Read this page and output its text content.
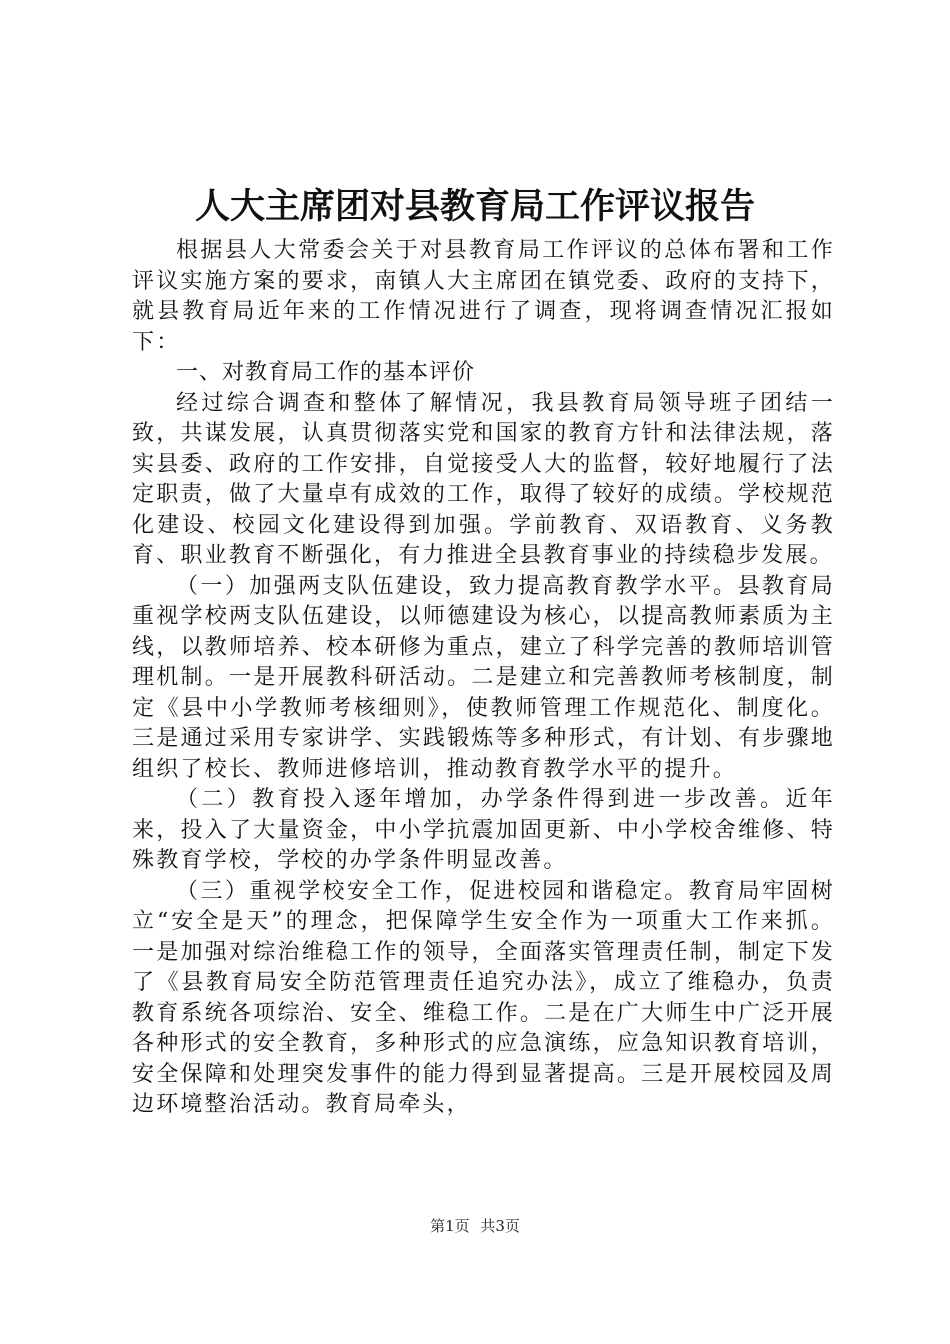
人大主席团对县教育局工作评议报告

根据县人大常委会关于对县教育局工作评议的总体布署和工作评议实施方案的要求，南镇人大主席团在镇党委、政府的支持下，就县教育局近年来的工作情况进行了调查，现将调查情况汇报如下：

一、对教育局工作的基本评价

经过综合调查和整体了解情况，我县教育局领导班子团结一致，共谋发展，认真贯彻落实党和国家的教育方针和法律法规，落实县委、政府的工作安排，自觉接受人大的监督，较好地履行了法定职责，做了大量卓有成效的工作，取得了较好的成绩。学校规范化建设、校园文化建设得到加强。学前教育、双语教育、义务教育、职业教育不断强化，有力推进全县教育事业的持续稳步发展。

（一）加强两支队伍建设，致力提高教育教学水平。县教育局重视学校两支队伍建设，以师德建设为核心，以提高教师素质为主线，以教师培养、校本研修为重点，建立了科学完善的教师培训管理机制。一是开展教科研活动。二是建立和完善教师考核制度，制定《县中小学教师考核细则》，使教师管理工作规范化、制度化。三是通过采用专家讲学、实践锻炼等多种形式，有计划、有步骤地组织了校长、教师进修培训，推动教育教学水平的提升。

（二）教育投入逐年增加，办学条件得到进一步改善。近年来，投入了大量资金，中小学抗震加固更新、中小学校舍维修、特殊教育学校，学校的办学条件明显改善。

（三）重视学校安全工作，促进校园和谐稳定。教育局牢固树立“安全是天”的理念，把保障学生安全作为一项重大工作来抓。一是加强对综治维稳工作的领导，全面落实管理责任制，制定下发了《县教育局安全防范管理责任追究办法》，成立了维稳办，负责教育系统各项综治、安全、维稳工作。二是在广大师生中广泛开展各种形式的安全教育，多种形式的应急演练，应急知识教育培训，安全保障和处理突发事件的能力得到显著提高。三是开展校园及周边环境整治活动。教育局牵头，

第1页 共3页
